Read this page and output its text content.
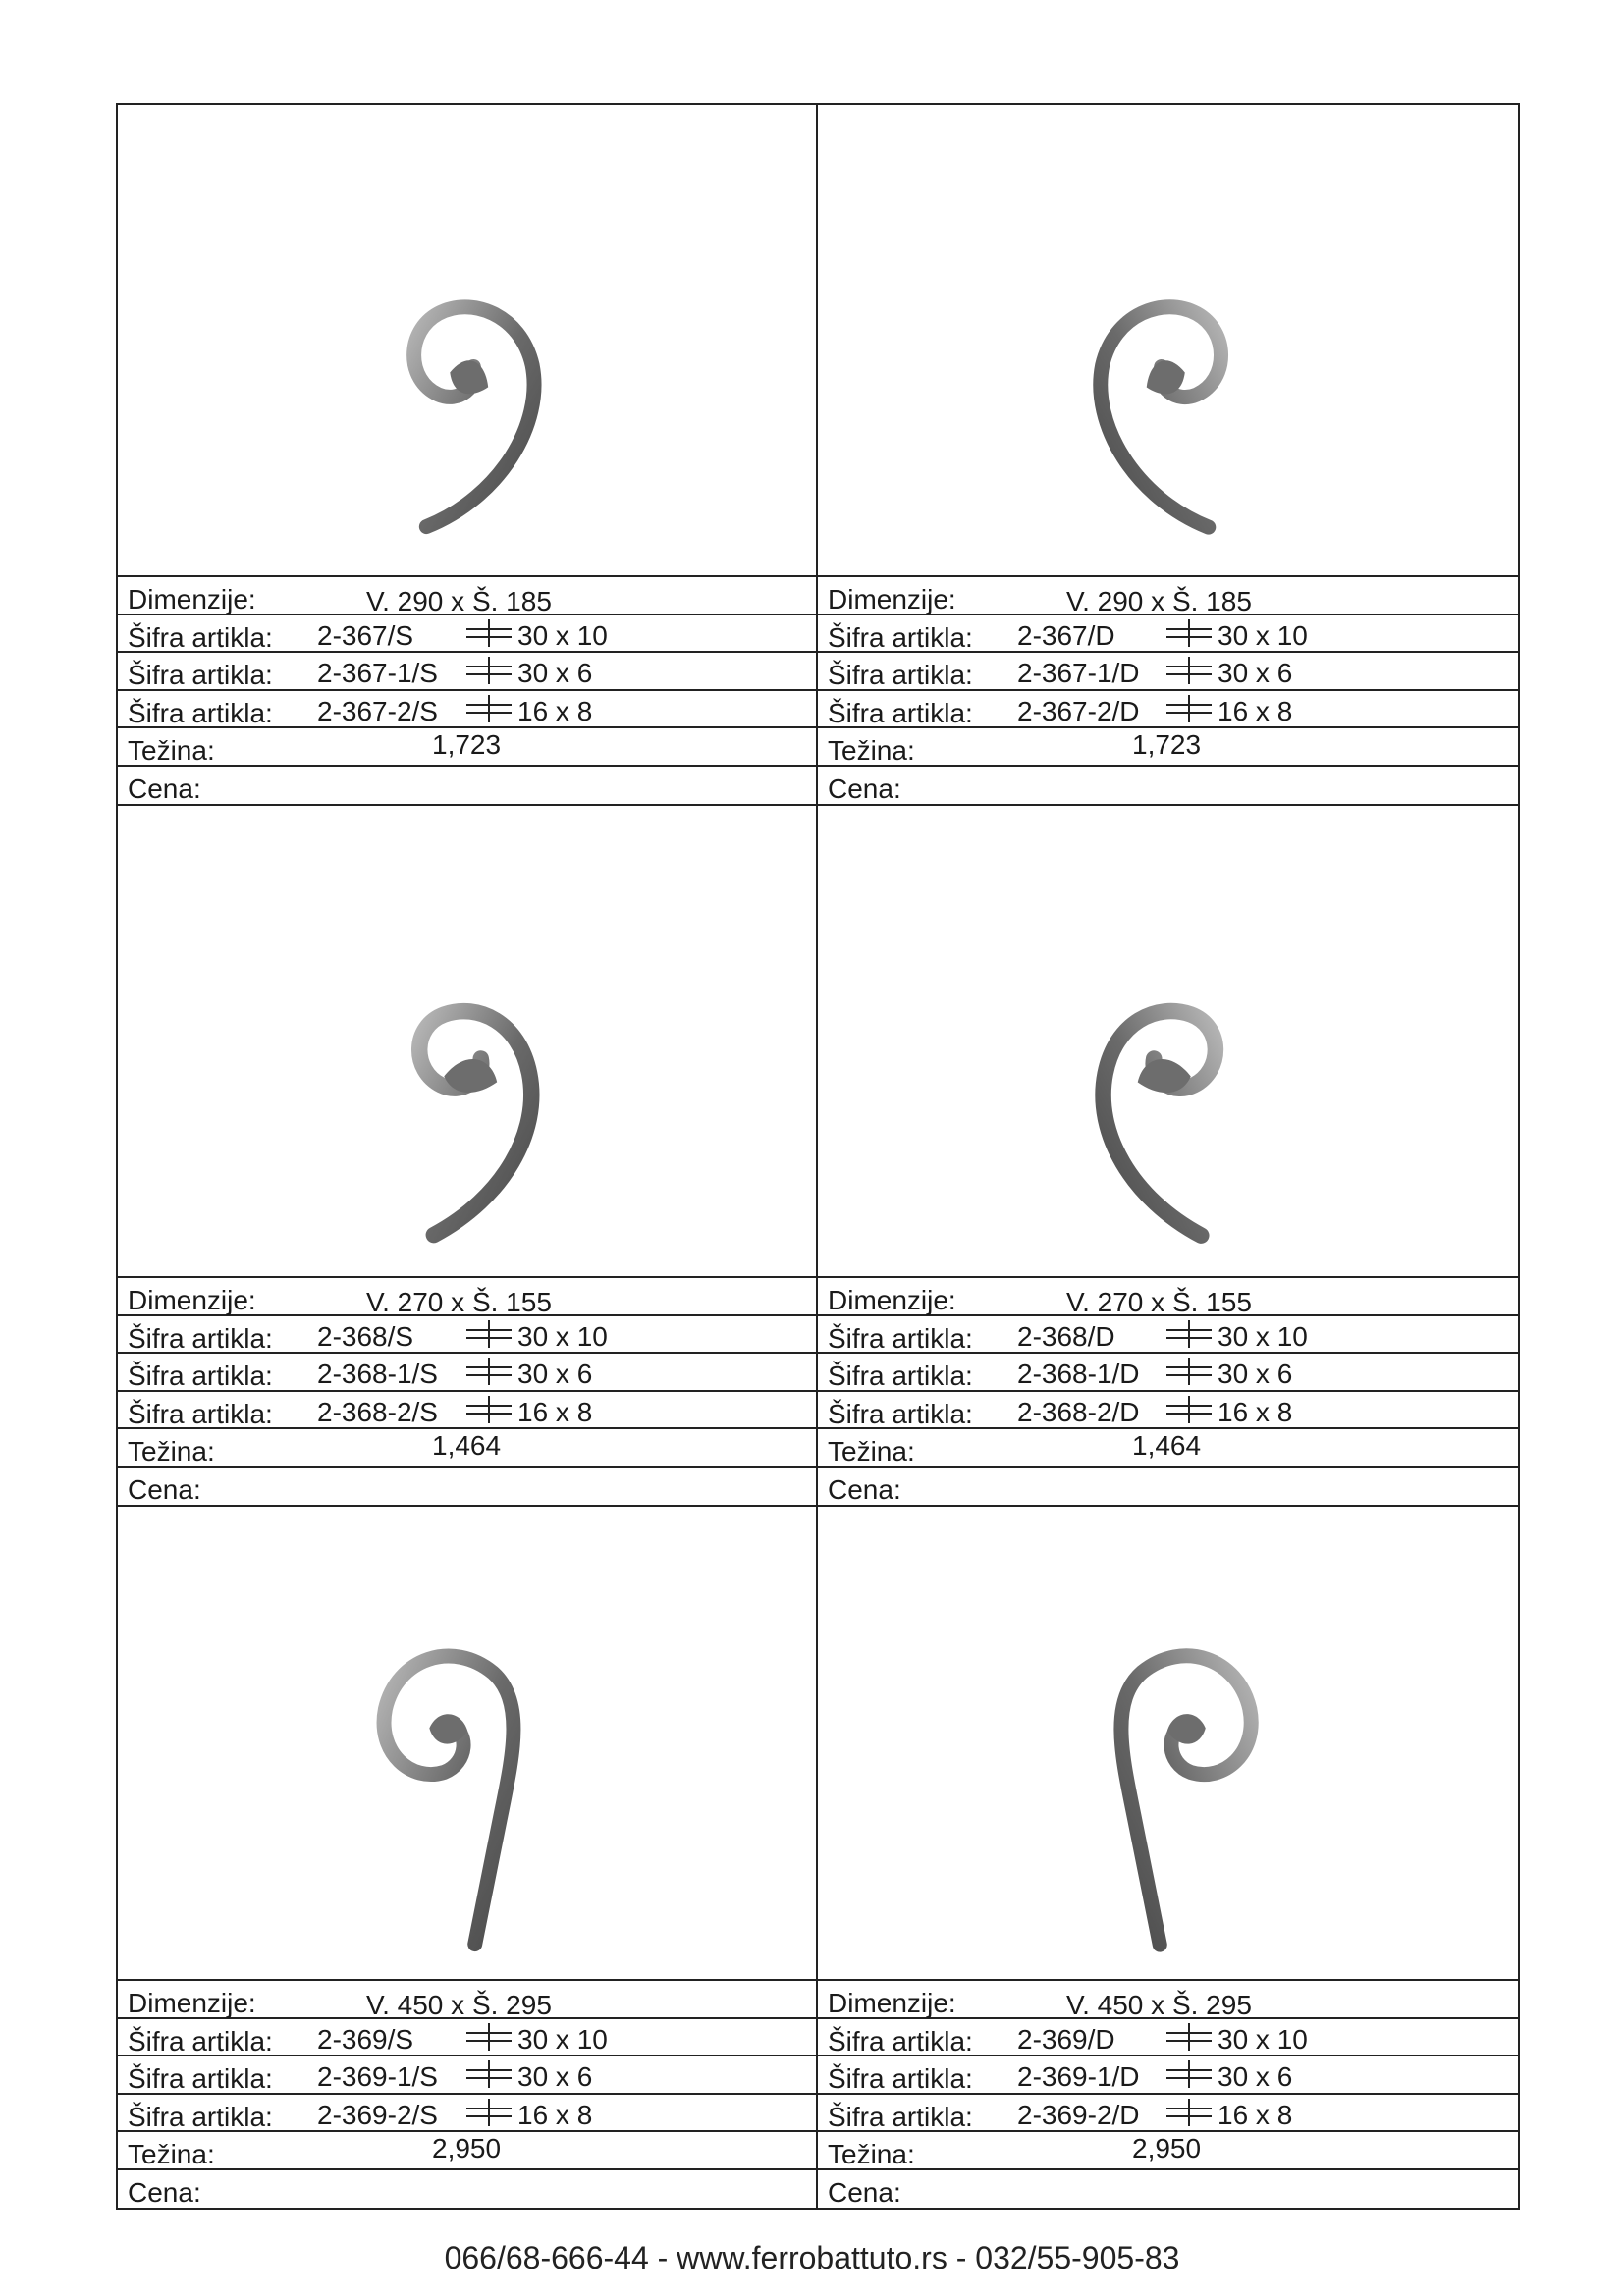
Dimenzije:	V. 290 x Š. 185
Šifra artikla: 2-367/S	30 x 10
Šifra artikla: 2-367-1/S	30 x 6
Šifra artikla: 2-367-2/S	16 x 8
Težina:	1,723
Cena:
Dimenzije:	V. 290 x Š. 185
Šifra artikla: 2-367/D	30 x 10
Šifra artikla: 2-367-1/D	30 x 6
Šifra artikla: 2-367-2/D	16 x 8
Težina:	1,723
Cena:
Dimenzije:	V. 270 x Š. 155
Šifra artikla: 2-368/S	30 x 10
Šifra artikla: 2-368-1/S	30 x 6
Šifra artikla: 2-368-2/S	16 x 8
Težina:	1,464
Cena:
Dimenzije:	V. 270 x Š. 155
Šifra artikla: 2-368/D	30 x 10
Šifra artikla: 2-368-1/D	30 x 6
Šifra artikla: 2-368-2/D	16 x 8
Težina:	1,464
Cena:
Dimenzije:	V. 450 x Š. 295
Šifra artikla: 2-369/S	30 x 10
Šifra artikla: 2-369-1/S	30 x 6
Šifra artikla: 2-369-2/S	16 x 8
Težina:	2,950
Cena:
Dimenzije:	V. 450 x Š. 295
Šifra artikla: 2-369/D	30 x 10
Šifra artikla: 2-369-1/D	30 x 6
Šifra artikla: 2-369-2/D	16 x 8
Težina:	2,950
Cena:
066/68-666-44 - www.ferrobattuto.rs - 032/55-905-83
